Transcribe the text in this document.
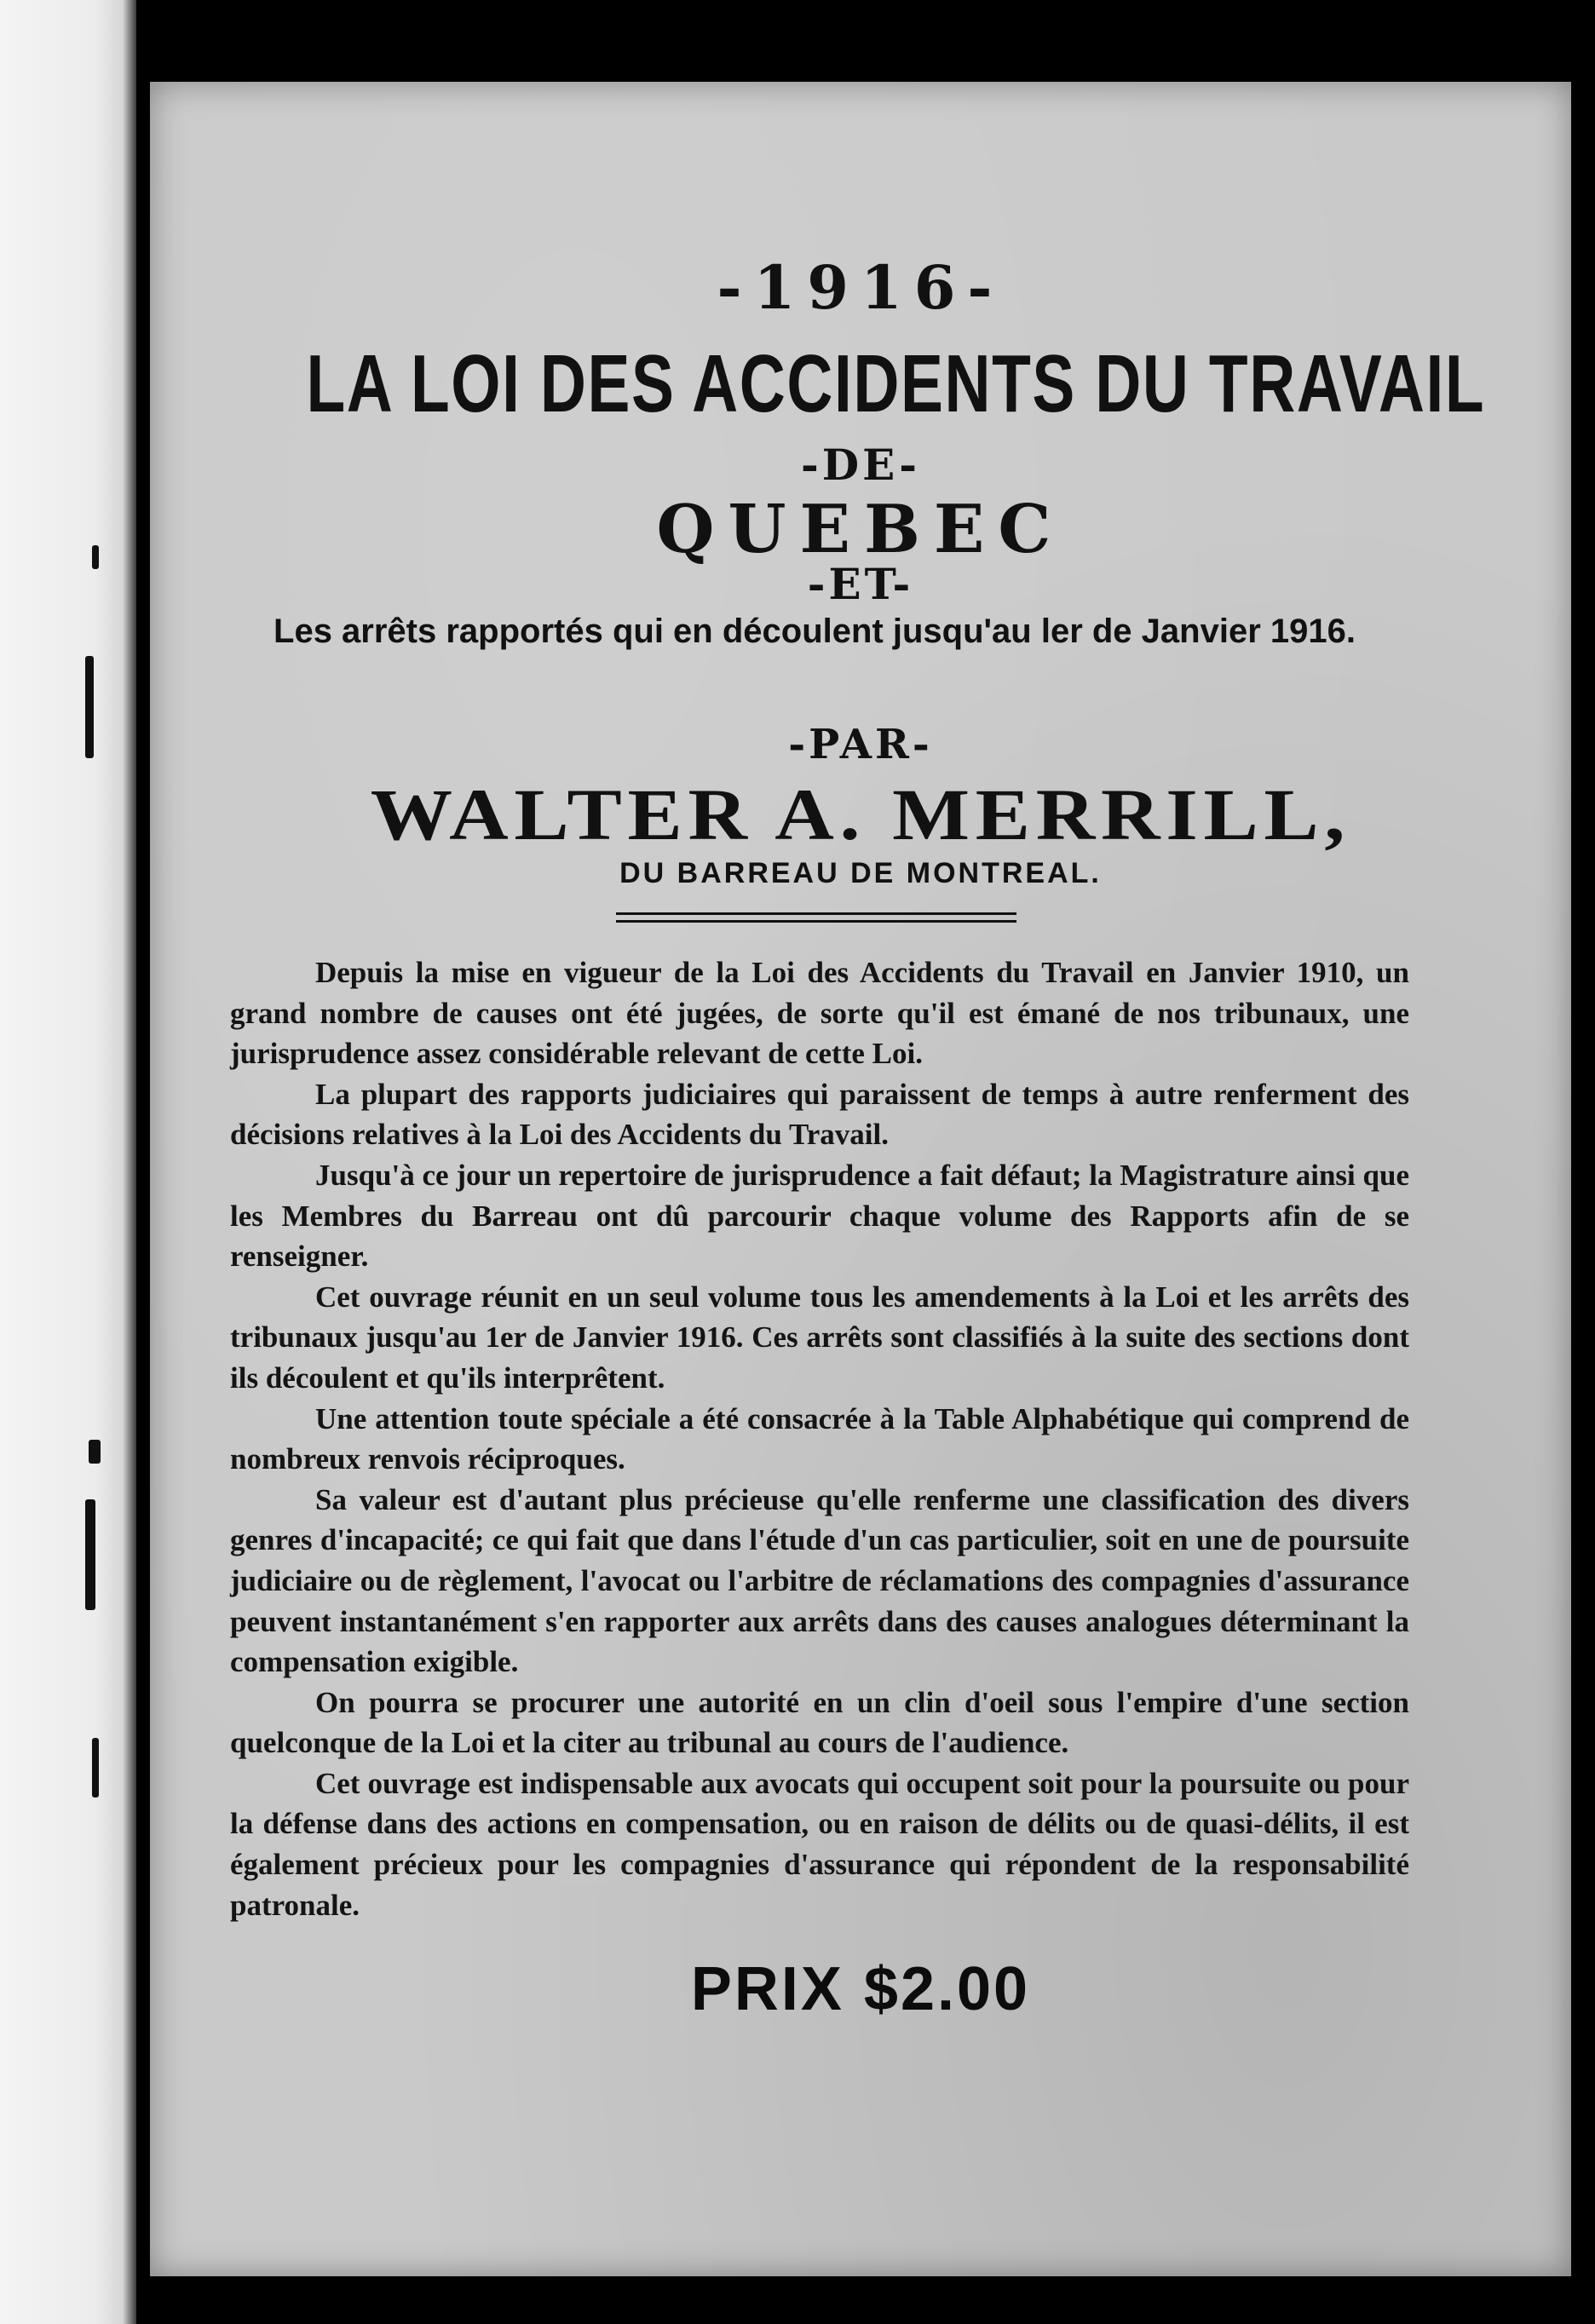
-1916-
LA LOI DES ACCIDENTS DU TRAVAIL
-DE-
QUEBEC
-ET-
Les arrêts rapportés qui en découlent jusqu'au ler de Janvier 1916.
-PAR-
WALTER A. MERRILL,
DU BARREAU DE MONTREAL.

Depuis la mise en vigueur de la Loi des Accidents du Travail en Janvier 1910, un grand nombre de causes ont été jugées, de sorte qu'il est émané de nos tribunaux, une jurisprudence assez considérable relevant de cette Loi.

La plupart des rapports judiciaires qui paraissent de temps à autre renferment des décisions relatives à la Loi des Accidents du Travail.

Jusqu'à ce jour un repertoire de jurisprudence a fait défaut; la Magistrature ainsi que les Membres du Barreau ont dû parcourir chaque volume des Rapports afin de se renseigner.

Cet ouvrage réunit en un seul volume tous les amendements à la Loi et les arrêts des tribunaux jusqu'au 1er de Janvier 1916. Ces arrêts sont classifiés à la suite des sections dont ils découlent et qu'ils interprêtent.

Une attention toute spéciale a été consacrée à la Table Alphabétique qui comprend de nombreux renvois réciproques.

Sa valeur est d'autant plus précieuse qu'elle renferme une classification des divers genres d'incapacité; ce qui fait que dans l'étude d'un cas particulier, soit en une de poursuite judiciaire ou de règlement, l'avocat ou l'arbitre de réclamations des compagnies d'assurance peuvent instantanément s'en rapporter aux arrêts dans des causes analogues déterminant la compensation exigible.

On pourra se procurer une autorité en un clin d'oeil sous l'empire d'une section quelconque de la Loi et la citer au tribunal au cours de l'audience.

Cet ouvrage est indispensable aux avocats qui occupent soit pour la poursuite ou pour la défense dans des actions en compensation, ou en raison de délits ou de quasi-délits, il est également précieux pour les compagnies d'assurance qui répondent de la responsabilité patronale.

PRIX $2.00
